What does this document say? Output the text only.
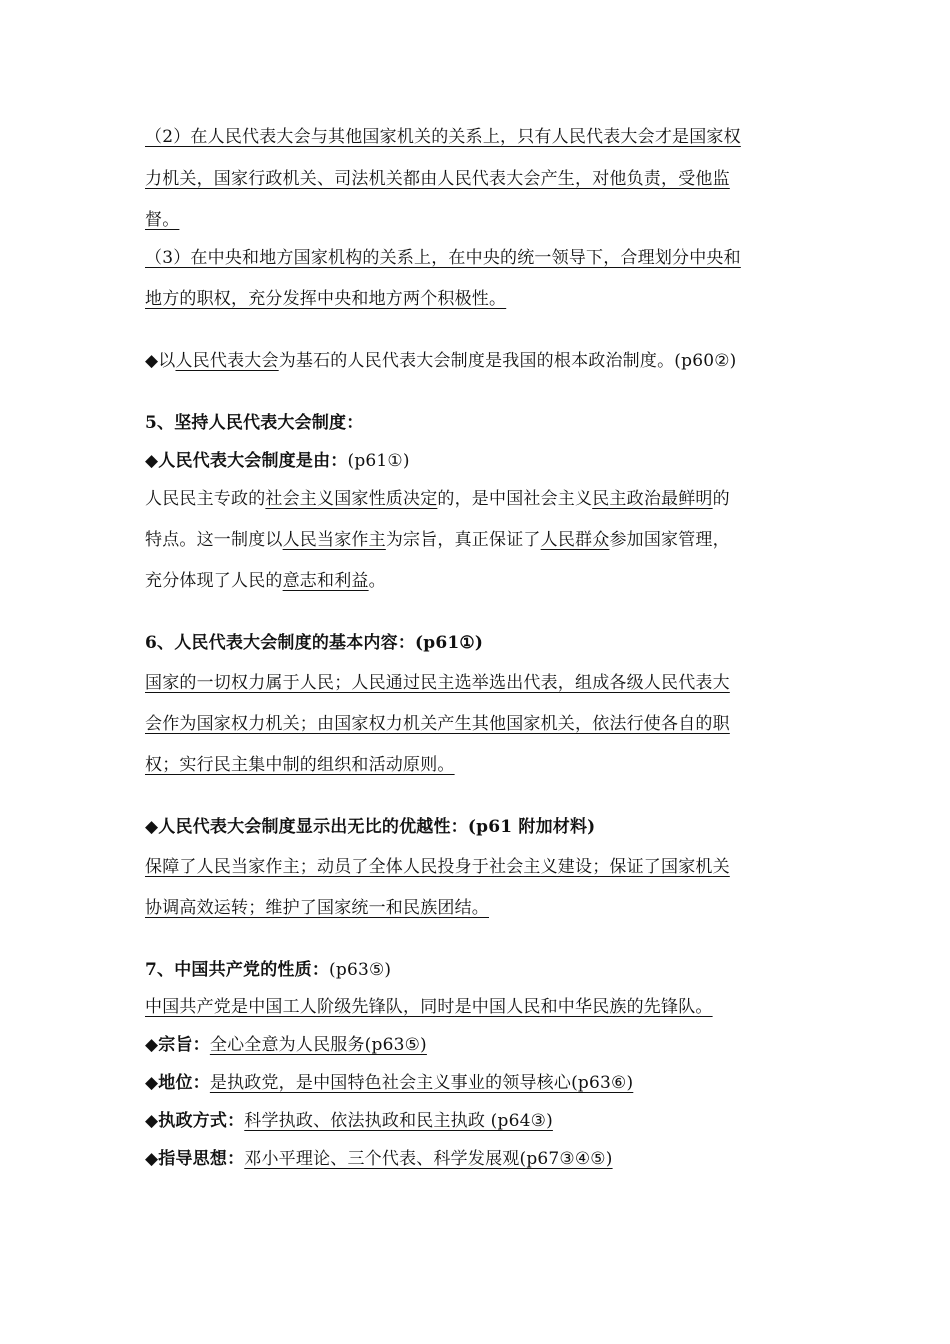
（2）在人民代表大会与其他国家机关的关系上，只有人民代表大会才是国家权
力机关，国家行政机关、司法机关都由人民代表大会产生，对他负责，受他监
督。
（3）在中央和地方国家机构的关系上，在中央的统一领导下，合理划分中央和
地方的职权，充分发挥中央和地方两个积极性。
◆以人民代表大会为基石的人民代表大会制度是我国的根本政治制度。(p60②)
5、坚持人民代表大会制度：
◆人民代表大会制度是由：(p61①)
人民民主专政的社会主义国家性质决定的，是中国社会主义民主政治最鲜明的
特点。这一制度以人民当家作主为宗旨，真正保证了人民群众参加国家管理，
充分体现了人民的意志和利益。
6、人民代表大会制度的基本内容：(p61①)
国家的一切权力属于人民；人民通过民主选举选出代表，组成各级人民代表大
会作为国家权力机关；由国家权力机关产生其他国家机关，依法行使各自的职
权；实行民主集中制的组织和活动原则。
◆人民代表大会制度显示出无比的优越性：(p61 附加材料)
保障了人民当家作主；动员了全体人民投身于社会主义建设；保证了国家机关
协调高效运转；维护了国家统一和民族团结。
7、中国共产党的性质：(p63⑤)
中国共产党是中国工人阶级先锋队，同时是中国人民和中华民族的先锋队。
◆宗旨：全心全意为人民服务(p63⑤)
◆地位：是执政党，是中国特色社会主义事业的领导核心(p63⑥)
◆执政方式：科学执政、依法执政和民主执政 (p64③)
◆指导思想：邓小平理论、三个代表、科学发展观(p67③④⑤)
